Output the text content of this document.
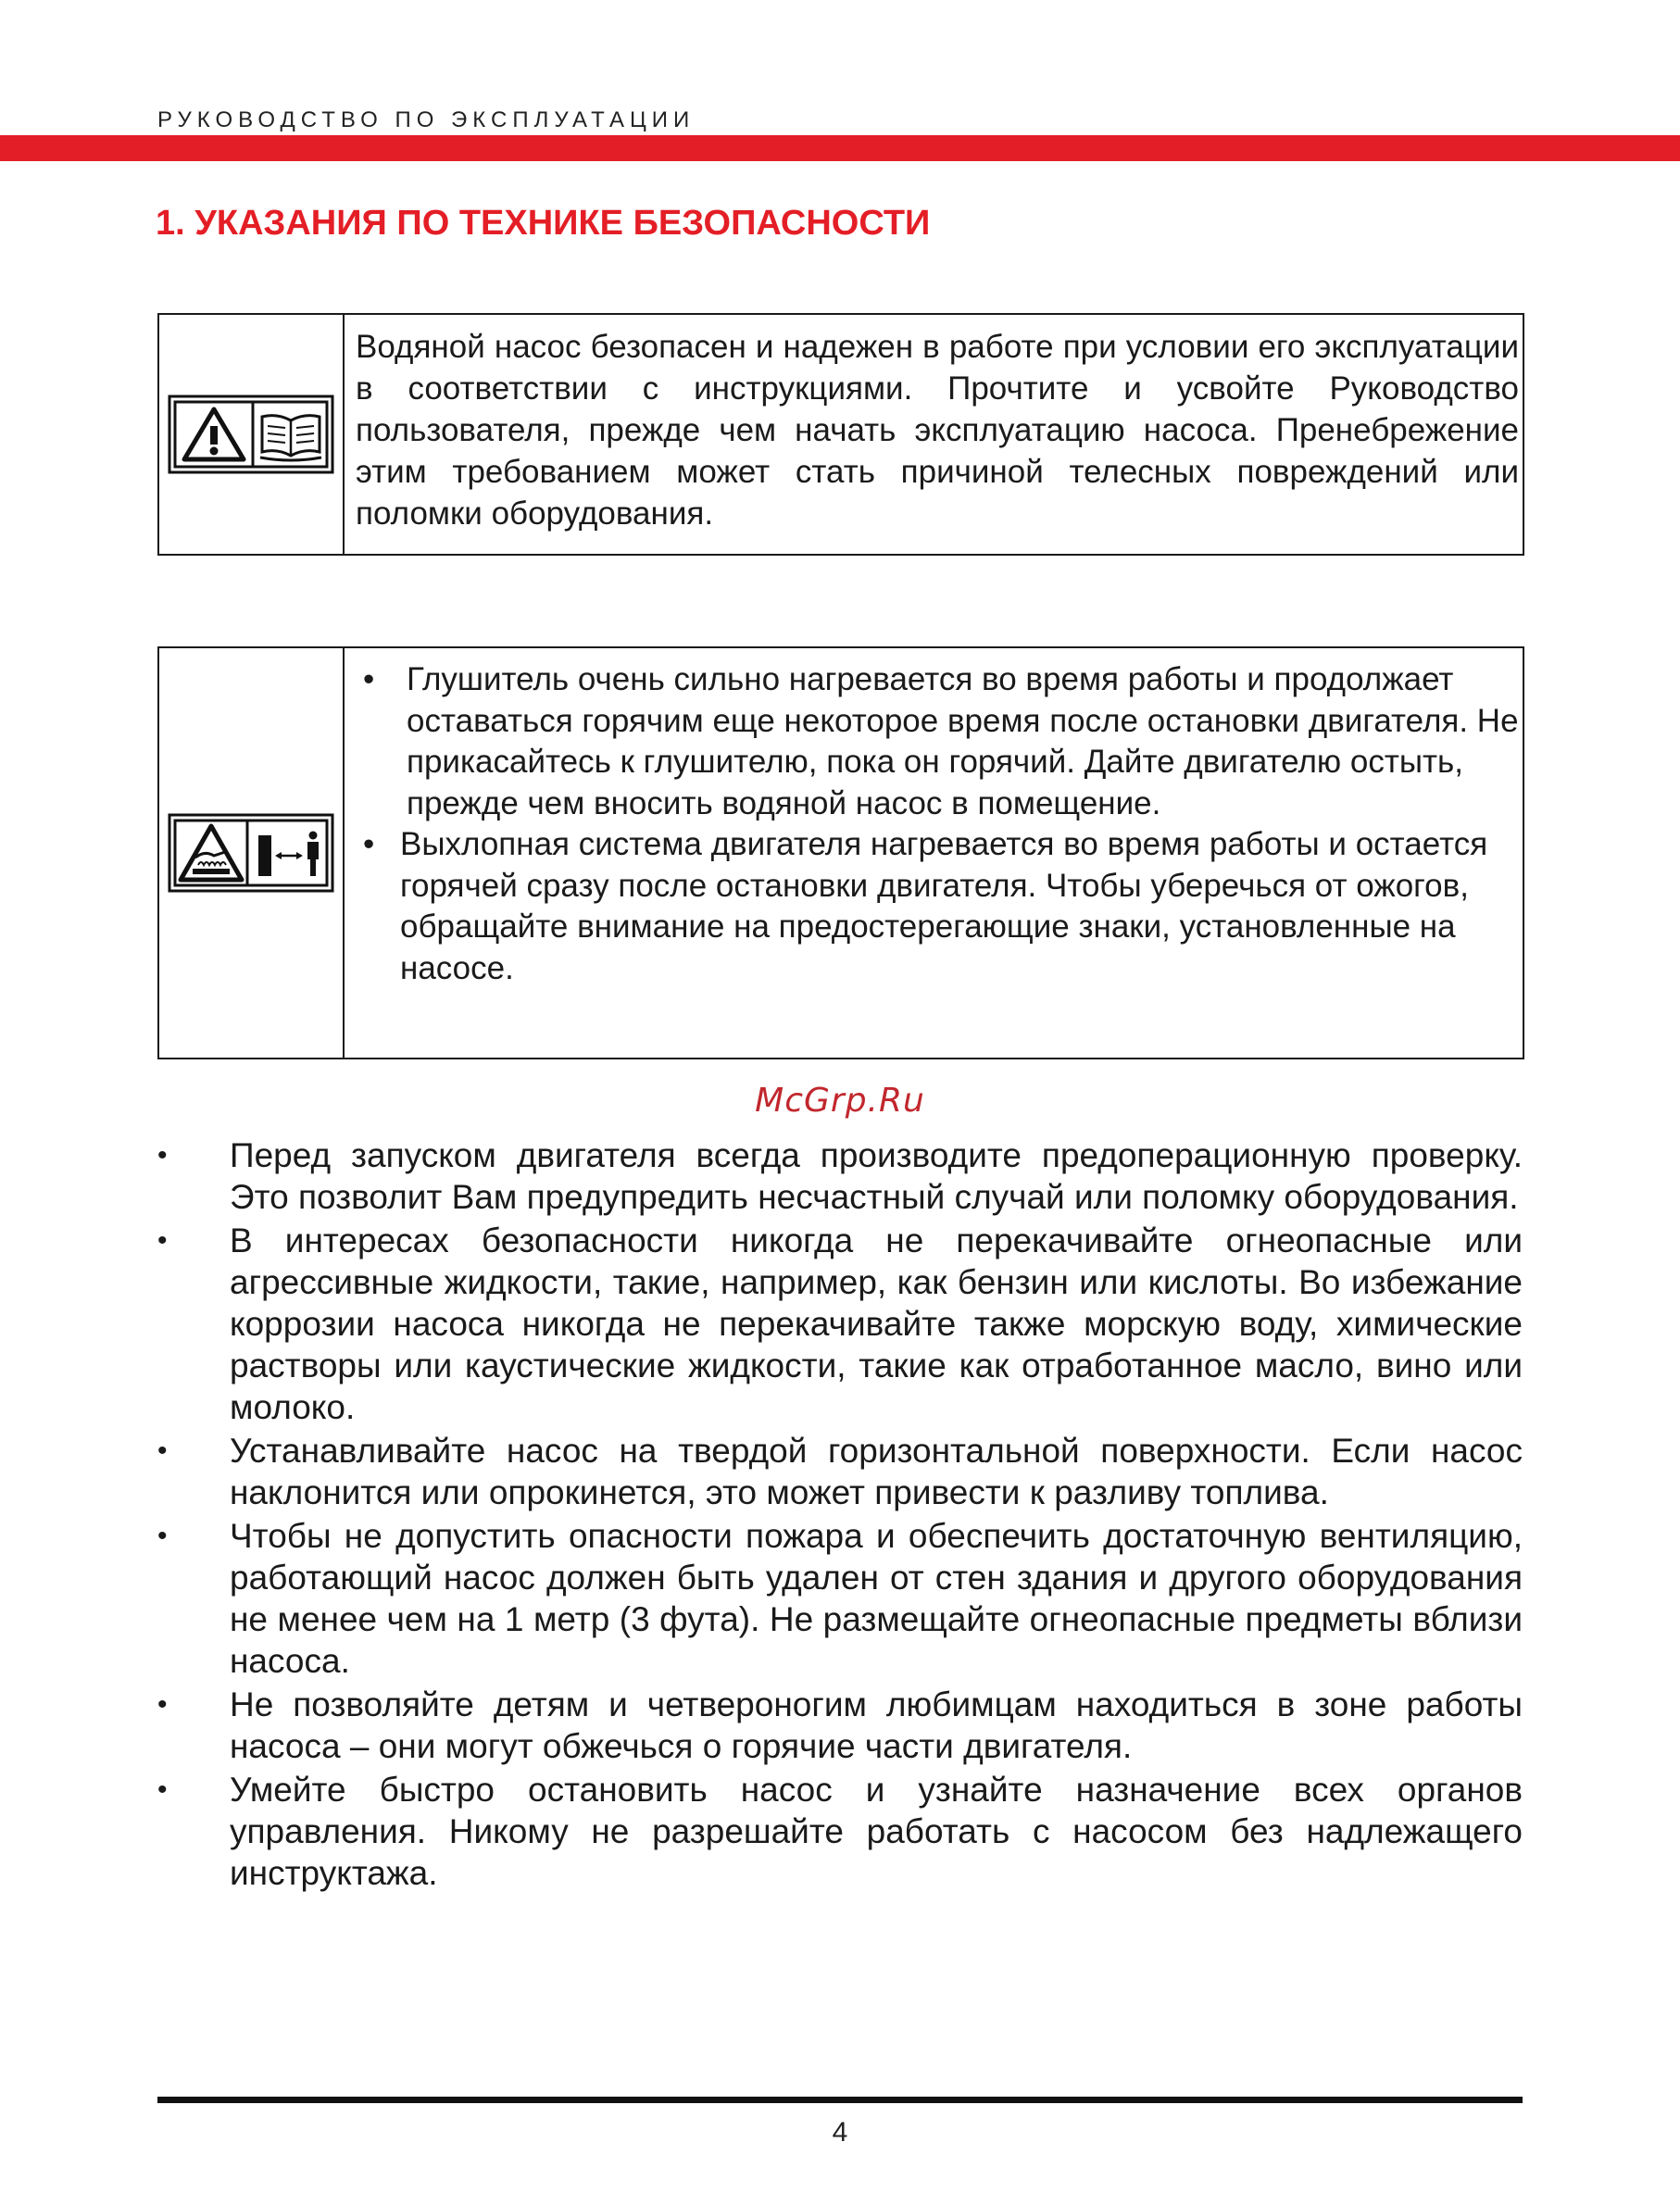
РУКОВОДСТВО ПО ЭКСПЛУАТАЦИИ
1. УКАЗАНИЯ ПО ТЕХНИКЕ БЕЗОПАСНОСТИ

Водяной насос безопасен и надежен в работе при условии его эксплуатации в соответствии с инструкциями. Прочтите и усвойте Руководство пользователя, прежде чем начать эксплуатацию насоса. Пренебрежение этим требованием может стать причиной телесных повреждений или поломки оборудования.

• Глушитель очень сильно нагревается во время работы и продолжает оставаться горячим еще некоторое время после остановки двигателя. Не прикасайтесь к глушителю, пока он горячий. Дайте двигателю остыть, прежде чем вносить водяной насос в помещение.
• Выхлопная система двигателя нагревается во время работы и остается горячей сразу после остановки двигателя. Чтобы уберечься от ожогов, обращайте внимание на предостерегающие знаки, установленные на насосе.
McGrp.Ru
• Перед запуском двигателя всегда производите предоперационную проверку. Это позволит Вам предупредить несчастный случай или поломку оборудования.

• В интересах безопасности никогда не перекачивайте огнеопасные или агрессивные жидкости, такие, например, как бензин или кислоты. Во избежание коррозии насоса никогда не перекачивайте также морскую воду, химические растворы или каустические жидкости, такие как отработанное масло, вино или молоко.

• Устанавливайте насос на твердой горизонтальной поверхности. Если насос наклонится или опрокинется, это может привести к разливу топлива.

• Чтобы не допустить опасности пожара и обеспечить достаточную вентиляцию, работающий насос должен быть удален от стен здания и другого оборудования не менее чем на 1 метр (3 фута). Не размещайте огнеопасные предметы вблизи насоса.

• Не позволяйте детям и четвероногим любимцам находиться в зоне работы насоса – они могут обжечься о горячие части двигателя.

• Умейте быстро остановить насос и узнайте назначение всех органов управления. Никому не разрешайте работать с насосом без надлежащего инструктажа.

4
